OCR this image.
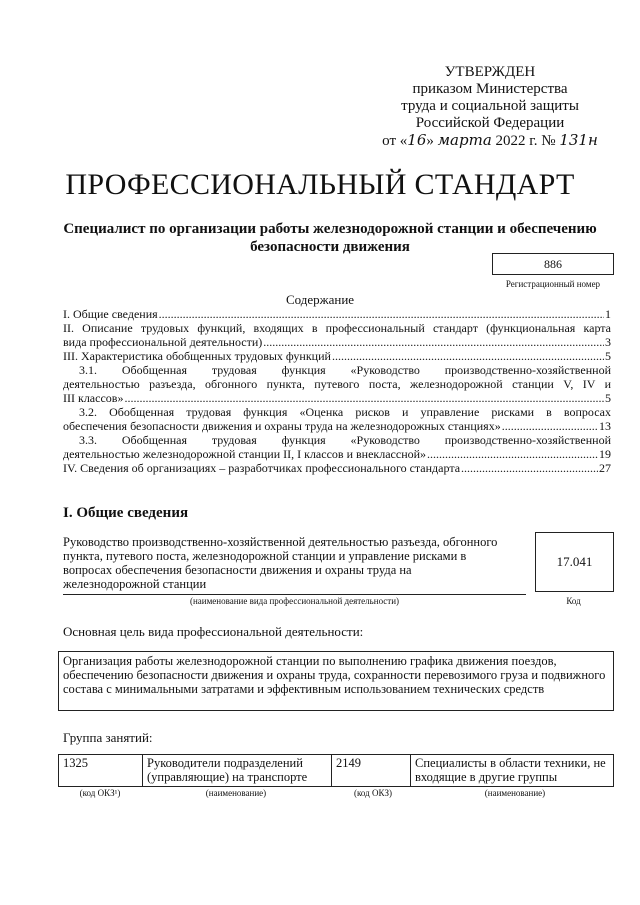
УТВЕРЖДЕН
приказом Министерства
труда и социальной защиты
Российской Федерации
от «16» марта 2022 г. № 131н
ПРОФЕССИОНАЛЬНЫЙ СТАНДАРТ
Специалист по организации работы железнодорожной станции и обеспечению безопасности движения
886
Регистрационный номер
Содержание
I. Общие сведения .....	1
II. Описание трудовых функций, входящих в профессиональный стандарт (функциональная карта
вида профессиональной деятельности) .....	3
III. Характеристика обобщенных трудовых функций .....	5
3.1. Обобщенная трудовая функция «Руководство производственно-хозяйственной
деятельностью разъезда, обгонного пункта, путевого поста, железнодорожной станции V, IV и
III классов» .....	5
3.2. Обобщенная трудовая функция «Оценка рисков и управление рисками в вопросах
обеспечения безопасности движения и охраны труда на железнодорожных станциях» .....	13
3.3. Обобщенная трудовая функция «Руководство производственно-хозяйственной
деятельностью железнодорожной станции II, I классов и внеклассной» .....	19
IV. Сведения об организациях – разработчиках профессионального стандарта .....	27
I. Общие сведения
Руководство производственно-хозяйственной деятельностью разъезда, обгонного пункта, путевого поста, железнодорожной станции и управление рисками в вопросах обеспечения безопасности движения и охраны труда на железнодорожной станции
(наименование вида профессиональной деятельности)
17.041
Код
Основная цель вида профессиональной деятельности:
Организация работы железнодорожной станции по выполнению графика движения поездов, обеспечению безопасности движения и охраны труда, сохранности перевозимого груза и подвижного состава с минимальными затратами и эффективным использованием технических средств
Группа занятий:
1325	Руководители подразделений (управляющие) на транспорте	2149	Специалисты в области техники, не входящие в другие группы
(код ОКЗ¹)	(наименование)	(код ОКЗ)	(наименование)
